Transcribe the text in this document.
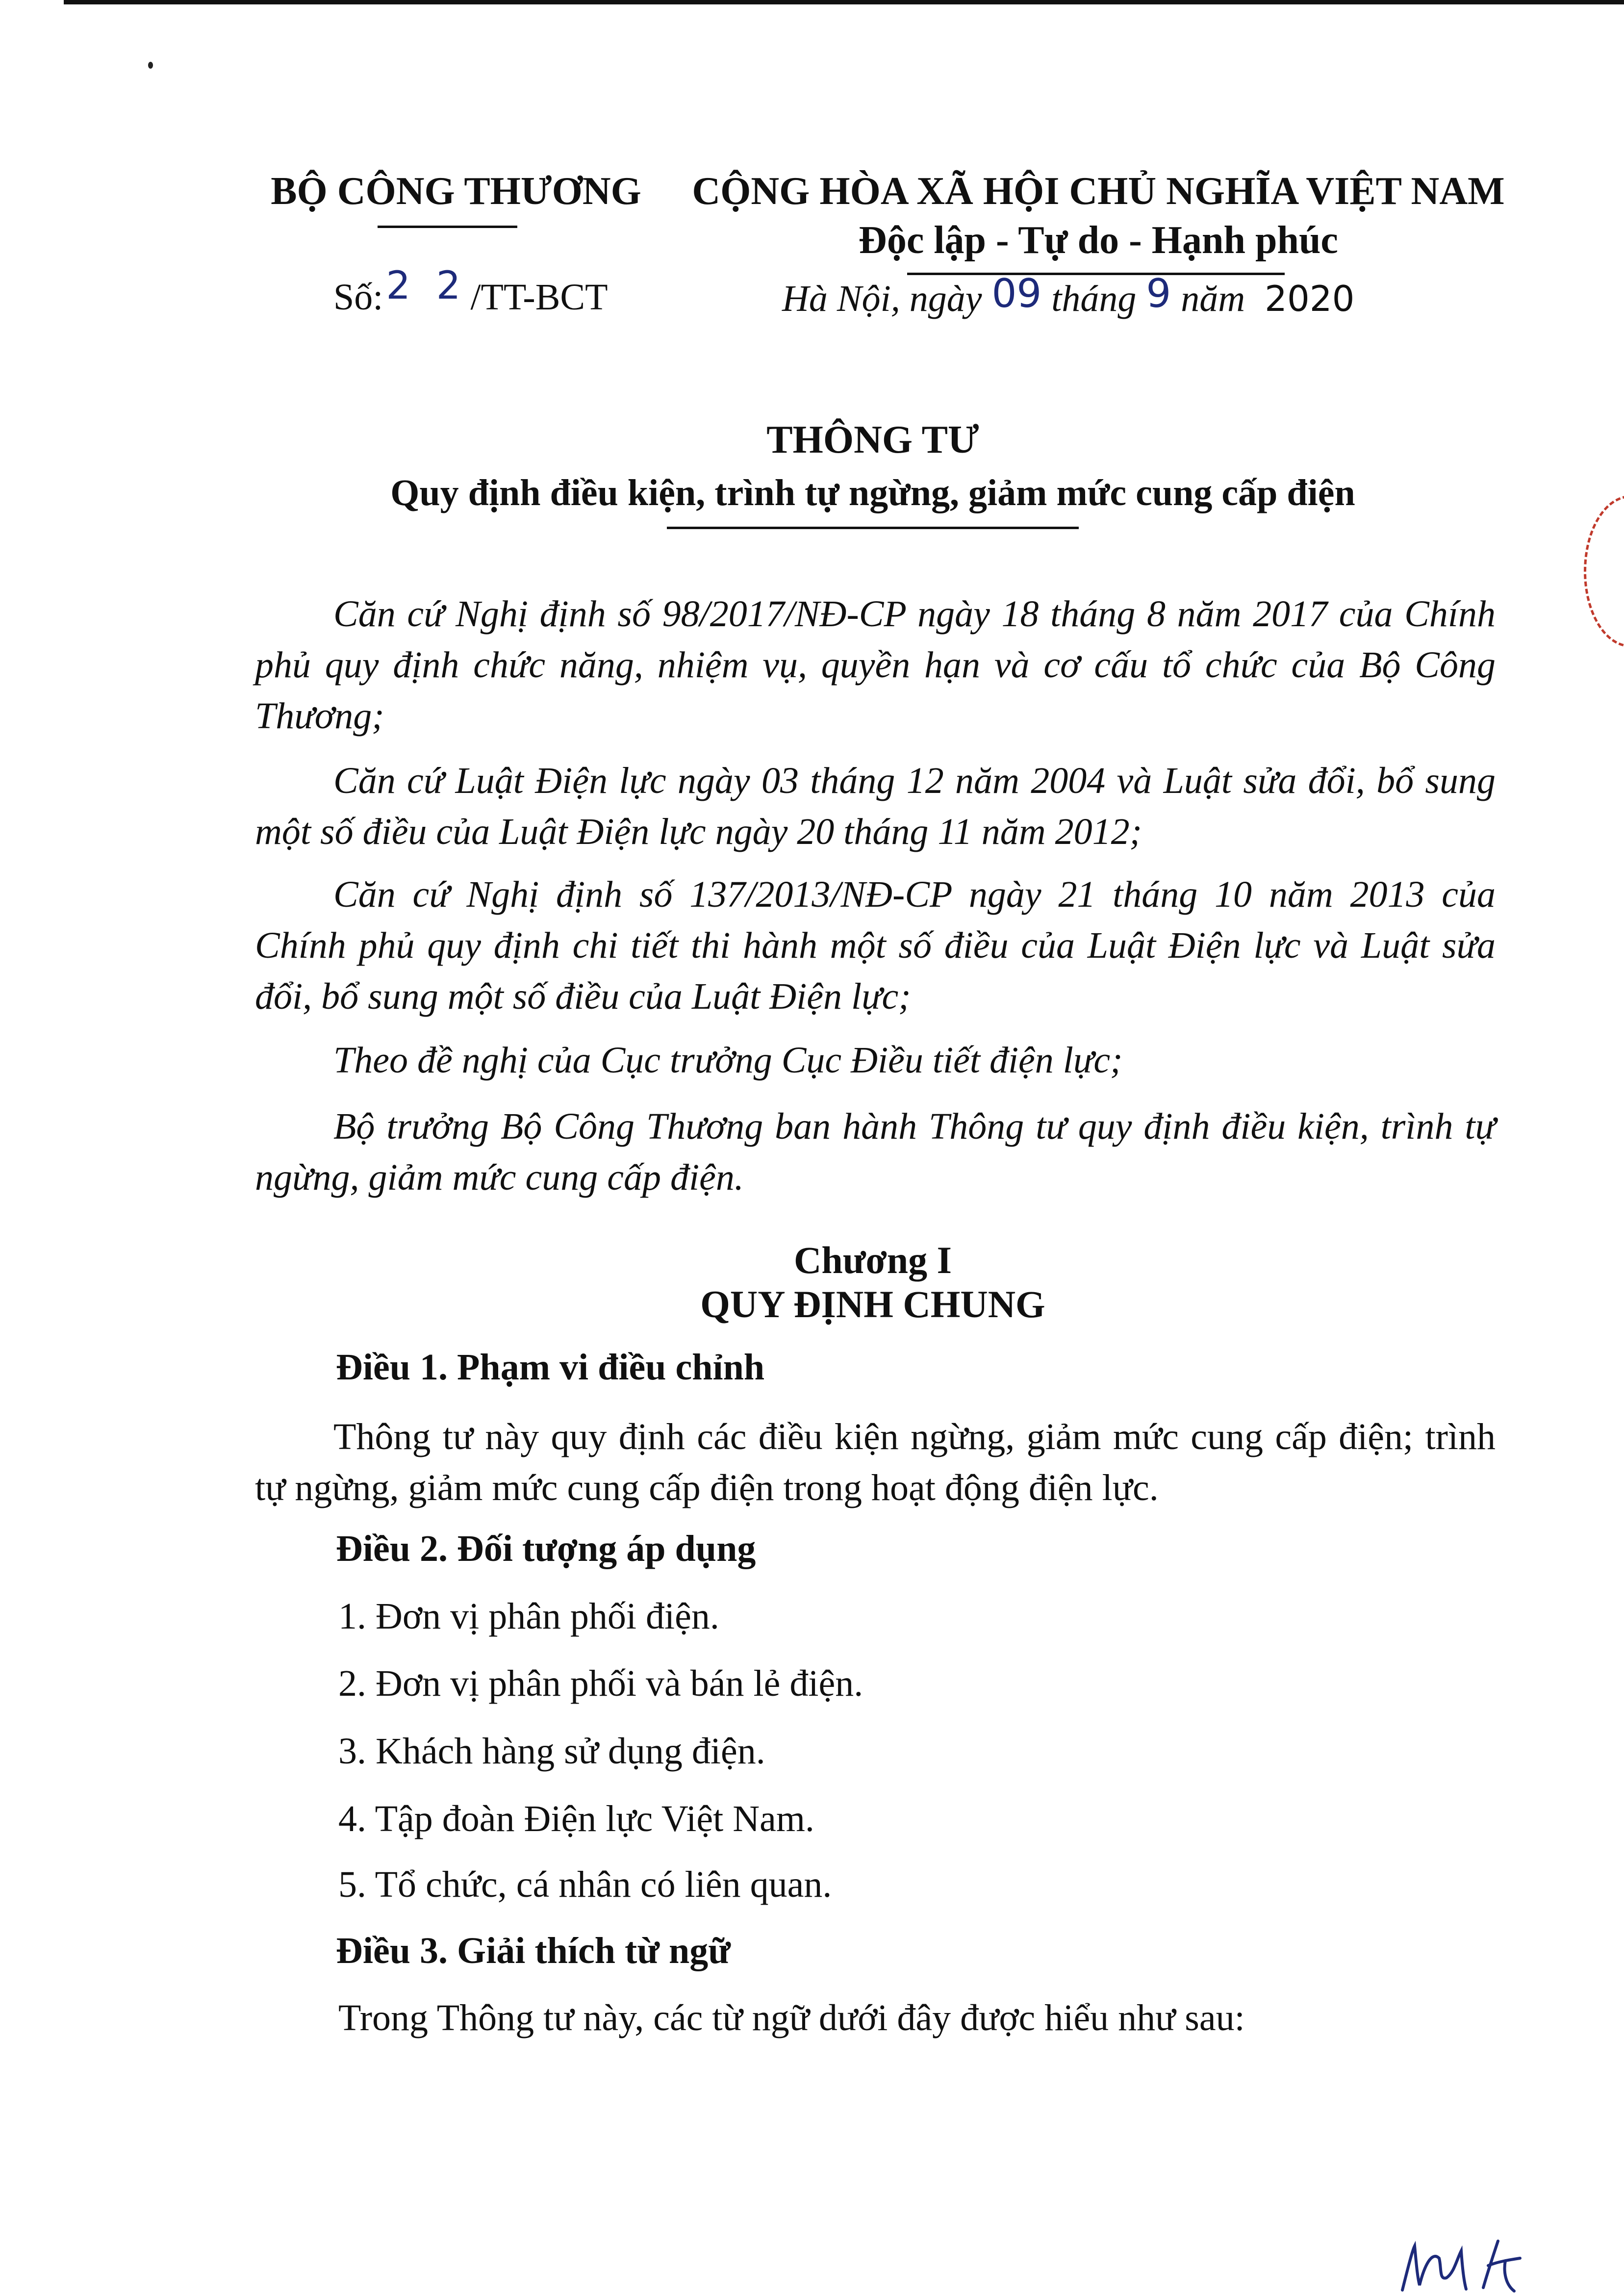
BỘ CÔNG THƯƠNG
Số:2 2/TT-BCT
CỘNG HÒA XÃ HỘI CHỦ NGHĨA VIỆT NAM
Độc lập - Tự do - Hạnh phúc
Hà Nội, ngày 09 tháng 9 năm 2020
THÔNG TƯ
Quy định điều kiện, trình tự ngừng, giảm mức cung cấp điện
Căn cứ Nghị định số 98/2017/NĐ-CP ngày 18 tháng 8 năm 2017 của Chính phủ quy định chức năng, nhiệm vụ, quyền hạn và cơ cấu tổ chức của Bộ Công Thương;
Căn cứ Luật Điện lực ngày 03 tháng 12 năm 2004 và Luật sửa đổi, bổ sung một số điều của Luật Điện lực ngày 20 tháng 11 năm 2012;
Căn cứ Nghị định số 137/2013/NĐ-CP ngày 21 tháng 10 năm 2013 của Chính phủ quy định chi tiết thi hành một số điều của Luật Điện lực và Luật sửa đổi, bổ sung một số điều của Luật Điện lực;
Theo đề nghị của Cục trưởng Cục Điều tiết điện lực;
Bộ trưởng Bộ Công Thương ban hành Thông tư quy định điều kiện, trình tự ngừng, giảm mức cung cấp điện.
Chương I
QUY ĐỊNH CHUNG
Điều 1. Phạm vi điều chỉnh
Thông tư này quy định các điều kiện ngừng, giảm mức cung cấp điện; trình tự ngừng, giảm mức cung cấp điện trong hoạt động điện lực.
Điều 2. Đối tượng áp dụng
1. Đơn vị phân phối điện.
2. Đơn vị phân phối và bán lẻ điện.
3. Khách hàng sử dụng điện.
4. Tập đoàn Điện lực Việt Nam.
5. Tổ chức, cá nhân có liên quan.
Điều 3. Giải thích từ ngữ
Trong Thông tư này, các từ ngữ dưới đây được hiểu như sau:
